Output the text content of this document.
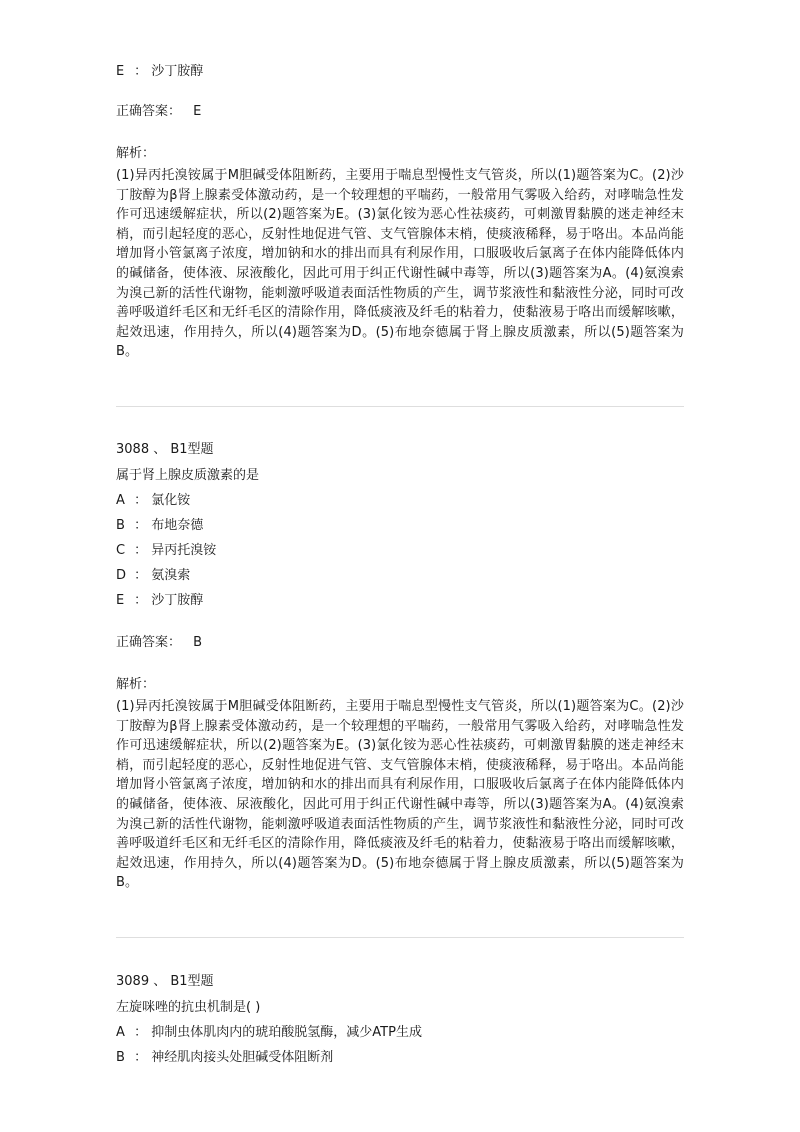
E ： 沙丁胺醇
正确答案： E
解析：

(1)异丙托溴铵属于M胆碱受体阻断药，主要用于喘息型慢性支气管炎，所以(1)题答案为C。(2)沙丁胺醇为β肾上腺素受体激动药，是一个较理想的平喘药，一般常用气雾吸入给药，对哮喘急性发作可迅速缓解症状，所以(2)题答案为E。(3)氯化铵为恶心性祛痰药，可刺激胃黏膜的迷走神经末梢，而引起轻度的恶心，反射性地促进气管、支气管腺体末梢，使痰液稀释，易于咯出。本品尚能增加肾小管氯离子浓度，增加钠和水的排出而具有利尿作用，口服吸收后氯离子在体内能降低体内的碱储备，使体液、尿液酸化，因此可用于纠正代谢性碱中毒等，所以(3)题答案为A。(4)氨溴索为溴己新的活性代谢物，能刺激呼吸道表面活性物质的产生，调节浆液性和黏液性分泌，同时可改善呼吸道纤毛区和无纤毛区的清除作用，降低痰液及纤毛的粘着力，使黏液易于咯出而缓解咳嗽，起效迅速，作用持久，所以(4)题答案为D。(5)布地奈德属于肾上腺皮质激素，所以(5)题答案为B。

3088 、 B1型题
属于肾上腺皮质激素的是
A ： 氯化铵
B ： 布地奈德
C ： 异丙托溴铵
D ： 氨溴索
E ： 沙丁胺醇
正确答案： B
解析：

(1)异丙托溴铵属于M胆碱受体阻断药，主要用于喘息型慢性支气管炎，所以(1)题答案为C。(2)沙丁胺醇为β肾上腺素受体激动药，是一个较理想的平喘药，一般常用气雾吸入给药，对哮喘急性发作可迅速缓解症状，所以(2)题答案为E。(3)氯化铵为恶心性祛痰药，可刺激胃黏膜的迷走神经末梢，而引起轻度的恶心，反射性地促进气管、支气管腺体末梢，使痰液稀释，易于咯出。本品尚能增加肾小管氯离子浓度，增加钠和水的排出而具有利尿作用，口服吸收后氯离子在体内能降低体内的碱储备，使体液、尿液酸化，因此可用于纠正代谢性碱中毒等，所以(3)题答案为A。(4)氨溴索为溴己新的活性代谢物，能刺激呼吸道表面活性物质的产生，调节浆液性和黏液性分泌，同时可改善呼吸道纤毛区和无纤毛区的清除作用，降低痰液及纤毛的粘着力，使黏液易于咯出而缓解咳嗽，起效迅速，作用持久，所以(4)题答案为D。(5)布地奈德属于肾上腺皮质激素，所以(5)题答案为B。

3089 、 B1型题
左旋咪唑的抗虫机制是( )
A ： 抑制虫体肌肉内的琥珀酸脱氢酶，减少ATP生成
B ： 神经肌肉接头处胆碱受体阻断剂
